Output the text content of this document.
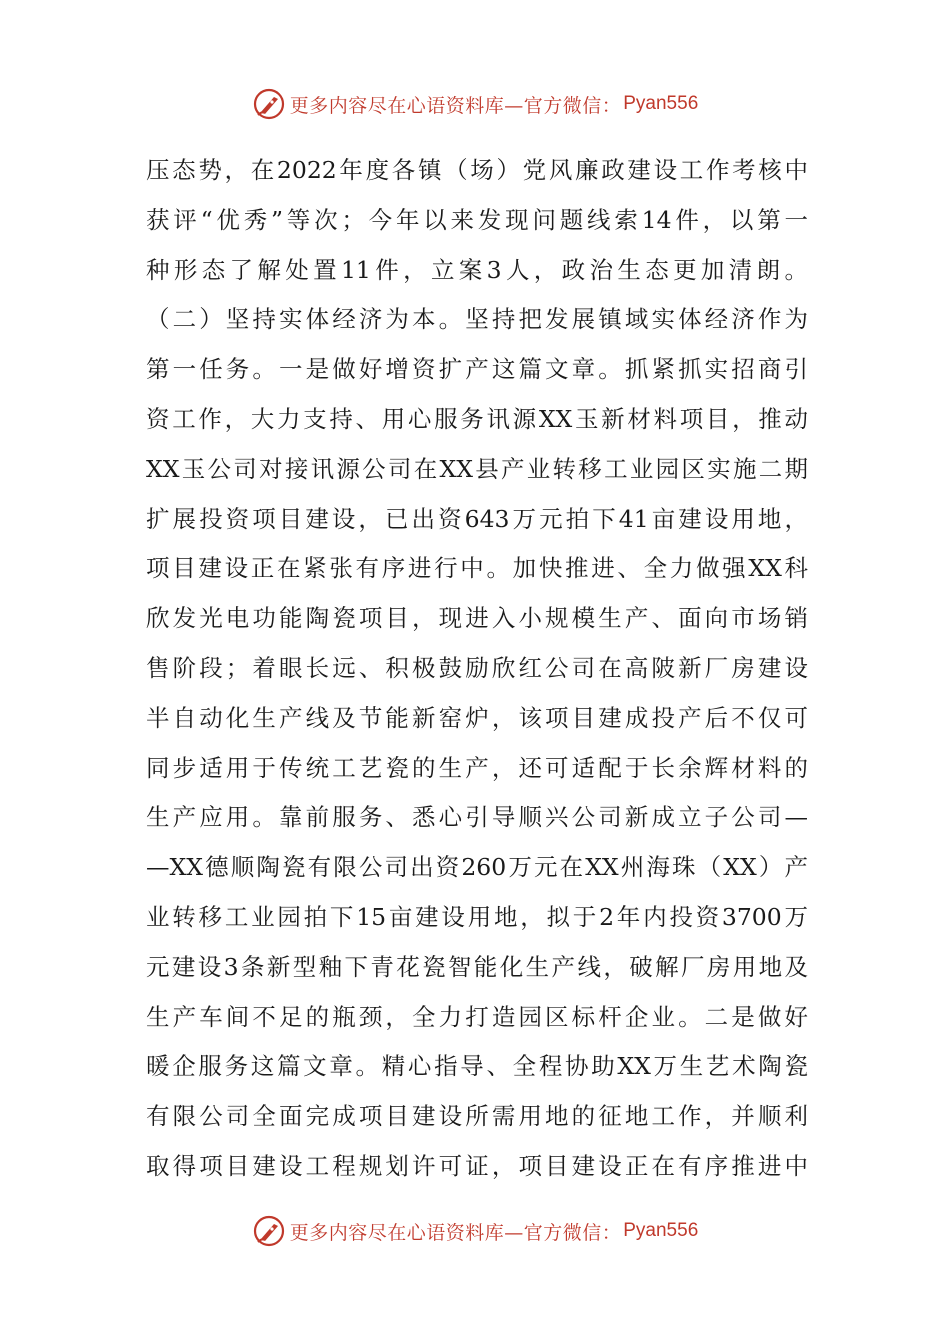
更多内容尽在心语资料库—官方微信： Pyan556
压态势，在2022年度各镇（场）党风廉政建设工作考核中
获评“优秀”等次；今年以来发现问题线索14件，以第一
种形态了解处置11件，立案3人，政治生态更加清朗。
（二）坚持实体经济为本。坚持把发展镇域实体经济作为
第一任务。一是做好增资扩产这篇文章。抓紧抓实招商引
资工作，大力支持、用心服务讯源XX玉新材料项目，推动
XX玉公司对接讯源公司在XX县产业转移工业园区实施二期
扩展投资项目建设，已出资643万元拍下41亩建设用地，
项目建设正在紧张有序进行中。加快推进、全力做强XX科
欣发光电功能陶瓷项目，现进入小规模生产、面向市场销
售阶段；着眼长远、积极鼓励欣红公司在高陂新厂房建设
半自动化生产线及节能新窑炉，该项目建成投产后不仅可
同步适用于传统工艺瓷的生产，还可适配于长余辉材料的
生产应用。靠前服务、悉心引导顺兴公司新成立子公司—
—XX德顺陶瓷有限公司出资260万元在XX州海珠（XX）产
业转移工业园拍下15亩建设用地，拟于2年内投资3700万
元建设3条新型釉下青花瓷智能化生产线，破解厂房用地及
生产车间不足的瓶颈，全力打造园区标杆企业。二是做好
暖企服务这篇文章。精心指导、全程协助XX万生艺术陶瓷
有限公司全面完成项目建设所需用地的征地工作，并顺利
取得项目建设工程规划许可证，项目建设正在有序推进中
更多内容尽在心语资料库—官方微信： Pyan556
